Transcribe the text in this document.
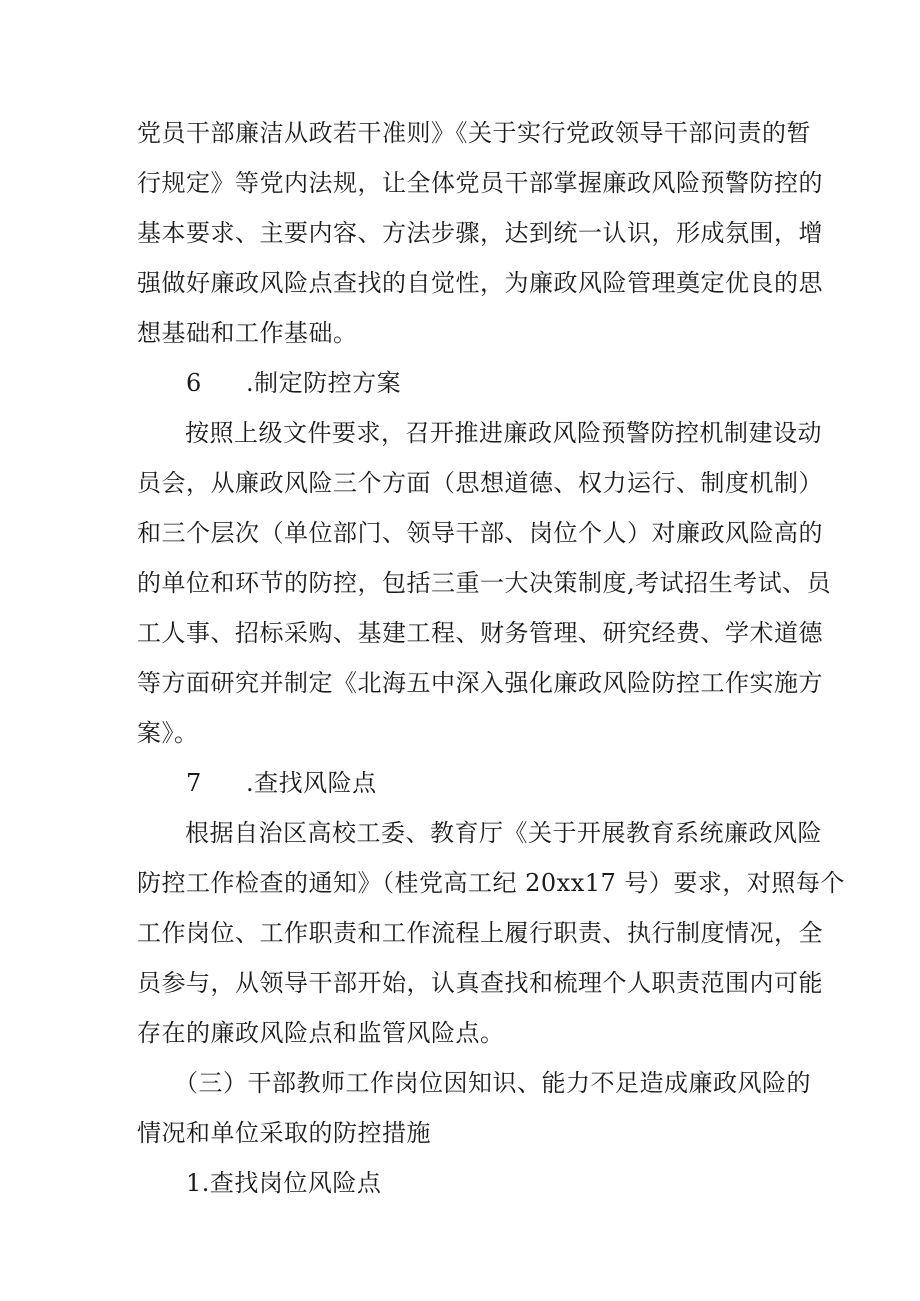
党员干部廉洁从政若干准则》《关于实行党政领导干部问责的暂
行规定》等党内法规，让全体党员干部掌握廉政风险预警防控的
基本要求、主要内容、方法步骤，达到统一认识，形成氛围，增
强做好廉政风险点查找的自觉性，为廉政风险管理奠定优良的思
想基础和工作基础。
6 .制定防控方案
按照上级文件要求，召开推进廉政风险预警防控机制建设动
员会，从廉政风险三个方面（思想道德、权力运行、制度机制）
和三个层次（单位部门、领导干部、岗位个人）对廉政风险高的
的单位和环节的防控，包括三重一大决策制度,考试招生考试、员
工人事、招标采购、基建工程、财务管理、研究经费、学术道德
等方面研究并制定《北海五中深入强化廉政风险防控工作实施方
案》。
7 .查找风险点
根据自治区高校工委、教育厅《关于开展教育系统廉政风险
防控工作检查的通知》（桂党高工纪 20xx17 号）要求，对照每个
工作岗位、工作职责和工作流程上履行职责、执行制度情况，全
员参与，从领导干部开始，认真查找和梳理个人职责范围内可能
存在的廉政风险点和监管风险点。
（三）干部教师工作岗位因知识、能力不足造成廉政风险的
情况和单位采取的防控措施
1.查找岗位风险点
